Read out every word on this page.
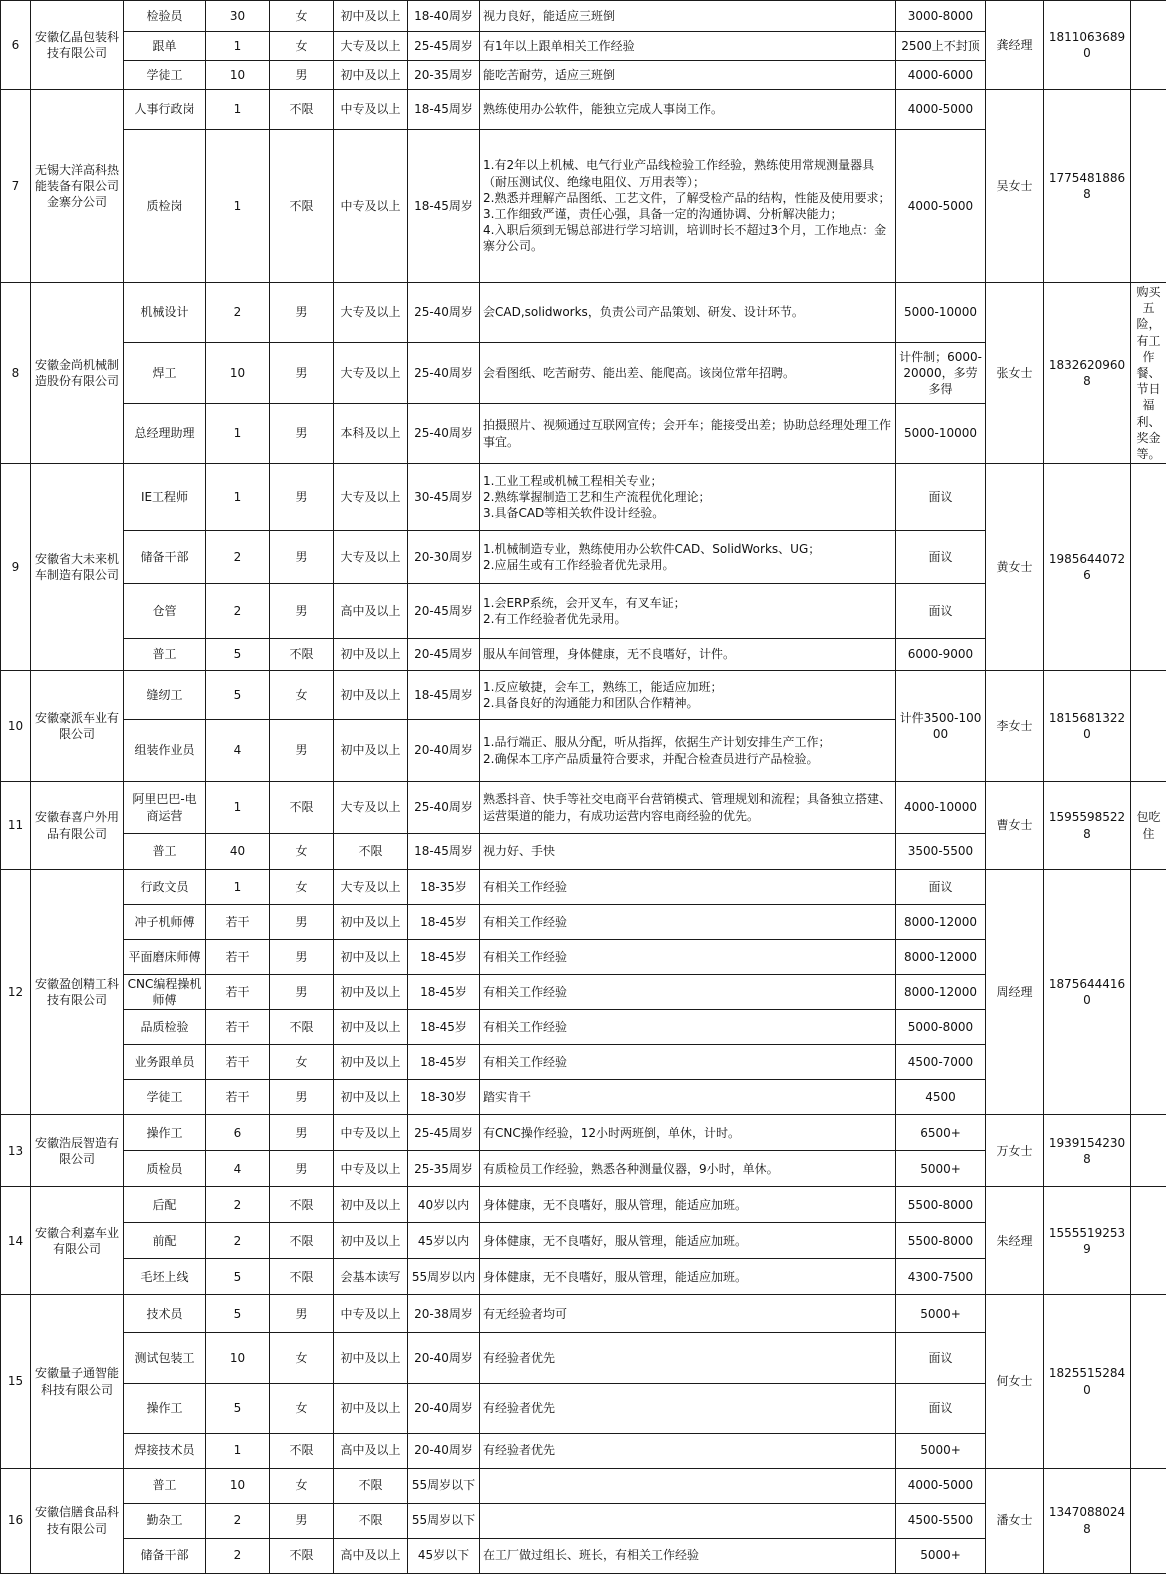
6	安徽亿晶包装科技有限公司	检验员	30	女	初中及以上	18-40周岁	视力良好，能适应三班倒	3000-8000	龚经理	18110636890		
		跟单	1	女	大专及以上	25-45周岁	有1年以上跟单相关工作经验	2500上不封顶				
		学徒工	10	男	初中及以上	20-35周岁	能吃苦耐劳，适应三班倒	4000-6000				
7	无锡大洋高科热能装备有限公司金寨分公司	人事行政岗	1	不限	中专及以上	18-45周岁	熟练使用办公软件，能独立完成人事岗工作。	4000-5000	吴女士	17754818868		
		质检岗	1	不限	中专及以上	18-45周岁	1.有2年以上机械、电气行业产品线检验工作经验，熟练使用常规测量器具（耐压测试仪、绝缘电阻仪、万用表等）；
2.熟悉并理解产品图纸、工艺文件，了解受检产品的结构，性能及使用要求；
3.工作细致严谨，责任心强，具备一定的沟通协调、分析解决能力；
4.入职后须到无锡总部进行学习培训，培训时长不超过3个月，工作地点：金寨分公司。	4000-5000				
8	安徽金尚机械制造股份有限公司	机械设计	2	男	大专及以上	25-40周岁	会CAD,solidworks，负责公司产品策划、研发、设计环节。	5000-10000	张女士	18326209608	购买五险，有工作餐、节日福利、奖金等。	
		焊工	10	男	大专及以上	25-40周岁	会看图纸、吃苦耐劳、能出差、能爬高。该岗位常年招聘。	计件制；6000-20000，多劳多得				
		总经理助理	1	男	本科及以上	25-40周岁	拍摄照片、视频通过互联网宣传；会开车；能接受出差；协助总经理处理工作事宜。	5000-10000				
9	安徽省大未来机车制造有限公司	IE工程师	1	男	大专及以上	30-45周岁	1.工业工程或机械工程相关专业；
2.熟练掌握制造工艺和生产流程优化理论；
3.具备CAD等相关软件设计经验。	面议	黄女士	19856440726		
		储备干部	2	男	大专及以上	20-30周岁	1.机械制造专业，熟练使用办公软件CAD、SolidWorks、UG；
2.应届生或有工作经验者优先录用。	面议				
		仓管	2	男	高中及以上	20-45周岁	1.会ERP系统，会开叉车，有叉车证；
2.有工作经验者优先录用。	面议				
		普工	5	不限	初中及以上	20-45周岁	服从车间管理，身体健康，无不良嗜好，计件。	6000-9000				
10	安徽豪派车业有限公司	缝纫工	5	女	初中及以上	18-45周岁	1.反应敏捷，会车工，熟练工，能适应加班；
2.具备良好的沟通能力和团队合作精神。	计件3500-10000	李女士	18156813220		
		组装作业员	4	男	初中及以上	20-40周岁	1.品行端正、服从分配，听从指挥，依据生产计划安排生产工作；
2.确保本工序产品质量符合要求，并配合检查员进行产品检验。					
11	安徽春喜户外用品有限公司	阿里巴巴-电商运营	1	不限	大专及以上	25-40周岁	熟悉抖音、快手等社交电商平台营销模式、管理规划和流程；具备独立搭建、运营渠道的能力，有成功运营内容电商经验的优先。	4000-10000	曹女士	15955985228	包吃住	
		普工	40	女	不限	18-45周岁	视力好、手快	3500-5500				
12	安徽盈创精工科技有限公司	行政文员	1	女	大专及以上	18-35岁	有相关工作经验	面议	周经理	18756444160		
		冲子机师傅	若干	男	初中及以上	18-45岁	有相关工作经验	8000-12000				
		平面磨床师傅	若干	男	初中及以上	18-45岁	有相关工作经验	8000-12000				
		CNC编程操机师傅	若干	男	初中及以上	18-45岁	有相关工作经验	8000-12000				
		品质检验	若干	不限	初中及以上	18-45岁	有相关工作经验	5000-8000				
		业务跟单员	若干	女	初中及以上	18-45岁	有相关工作经验	4500-7000				
		学徒工	若干	男	初中及以上	18-30岁	踏实肯干	4500				
13	安徽浩辰智造有限公司	操作工	6	男	中专及以上	25-45周岁	有CNC操作经验，12小时两班倒，单休，计时。	6500+	万女士	19391542308		
		质检员	4	男	中专及以上	25-35周岁	有质检员工作经验，熟悉各种测量仪器，9小时，单休。	5000+				
14	安徽合利嘉车业有限公司	后配	2	不限	初中及以上	40岁以内	身体健康，无不良嗜好，服从管理，能适应加班。	5500-8000	朱经理	15555192539		
		前配	2	不限	初中及以上	45岁以内	身体健康，无不良嗜好，服从管理，能适应加班。	5500-8000				
		毛坯上线	5	不限	会基本读写	55周岁以内	身体健康，无不良嗜好，服从管理，能适应加班。	4300-7500				
15	安徽量子通智能科技有限公司	技术员	5	男	中专及以上	20-38周岁	有无经验者均可	5000+	何女士	18255152840		
		测试包装工	10	女	初中及以上	20-40周岁	有经验者优先	面议	
		操作工	5	女	初中及以上	20-40周岁	有经验者优先	面议				
		焊接技术员	1	不限	高中及以上	20-40周岁	有经验者优先	5000+				
16	安徽信膳食品科技有限公司	普工	10	女	不限	55周岁以下		4000-5000	潘女士	13470880248		
		勤杂工	2	男	不限	55周岁以下		4500-5500				
		储备干部	2	不限	高中及以上	45岁以下	在工厂做过组长、班长，有相关工作经验	5000+				
